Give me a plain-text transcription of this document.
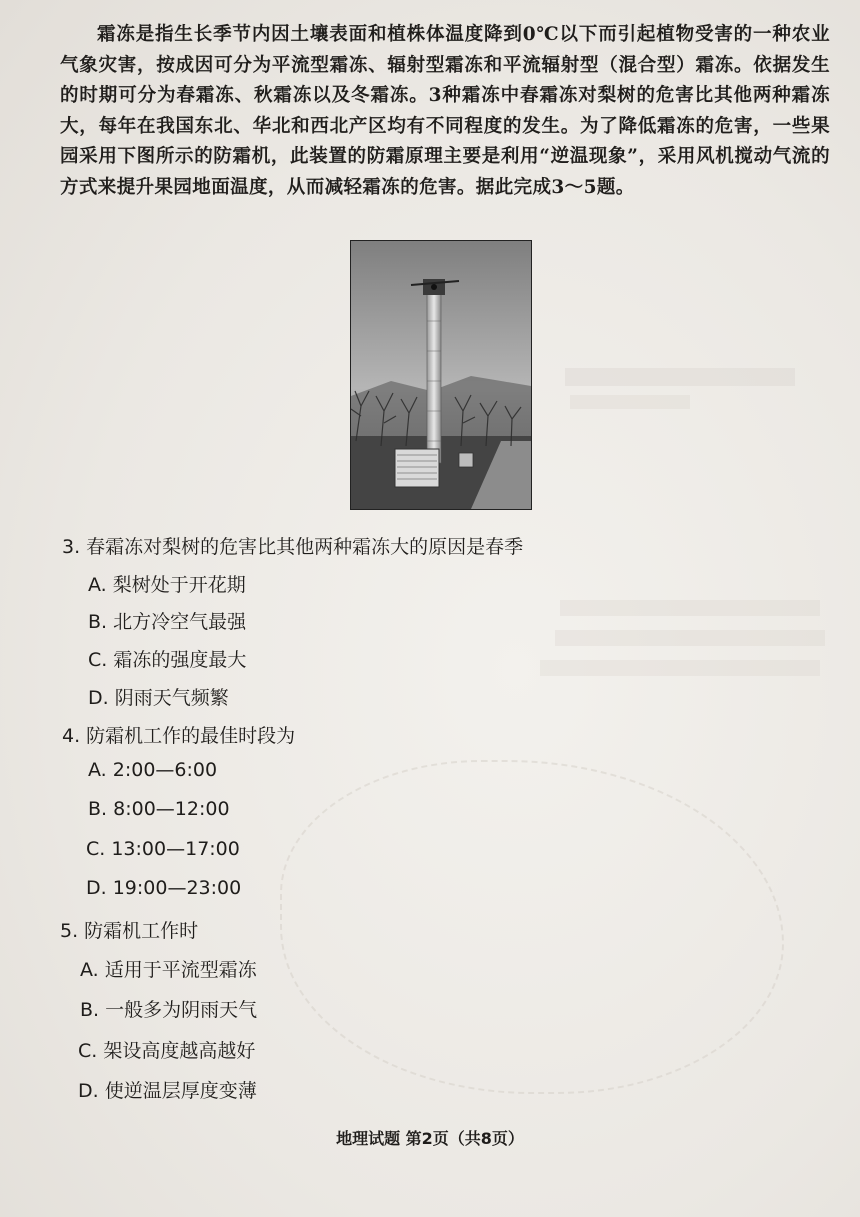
霜冻是指生长季节内因土壤表面和植株体温度降到0℃以下而引起植物受害的一种农业气象灾害，按成因可分为平流型霜冻、辐射型霜冻和平流辐射型（混合型）霜冻。依据发生的时期可分为春霜冻、秋霜冻以及冬霜冻。3种霜冻中春霜冻对梨树的危害比其他两种霜冻大，每年在我国东北、华北和西北产区均有不同程度的发生。为了降低霜冻的危害，一些果园采用下图所示的防霜机，此装置的防霜原理主要是利用“逆温现象”，采用风机搅动气流的方式来提升果园地面温度，从而减轻霜冻的危害。据此完成3～5题。

3. 春霜冻对梨树的危害比其他两种霜冻大的原因是春季

A. 梨树处于开花期

B. 北方冷空气最强

C. 霜冻的强度最大

D. 阴雨天气频繁

4. 防霜机工作的最佳时段为

A. 2:00—6:00

B. 8:00—12:00

C. 13:00—17:00

D. 19:00—23:00

5. 防霜机工作时

A. 适用于平流型霜冻

B. 一般多为阴雨天气

C. 架设高度越高越好

D. 使逆温层厚度变薄

地理试题 第2页（共8页）
